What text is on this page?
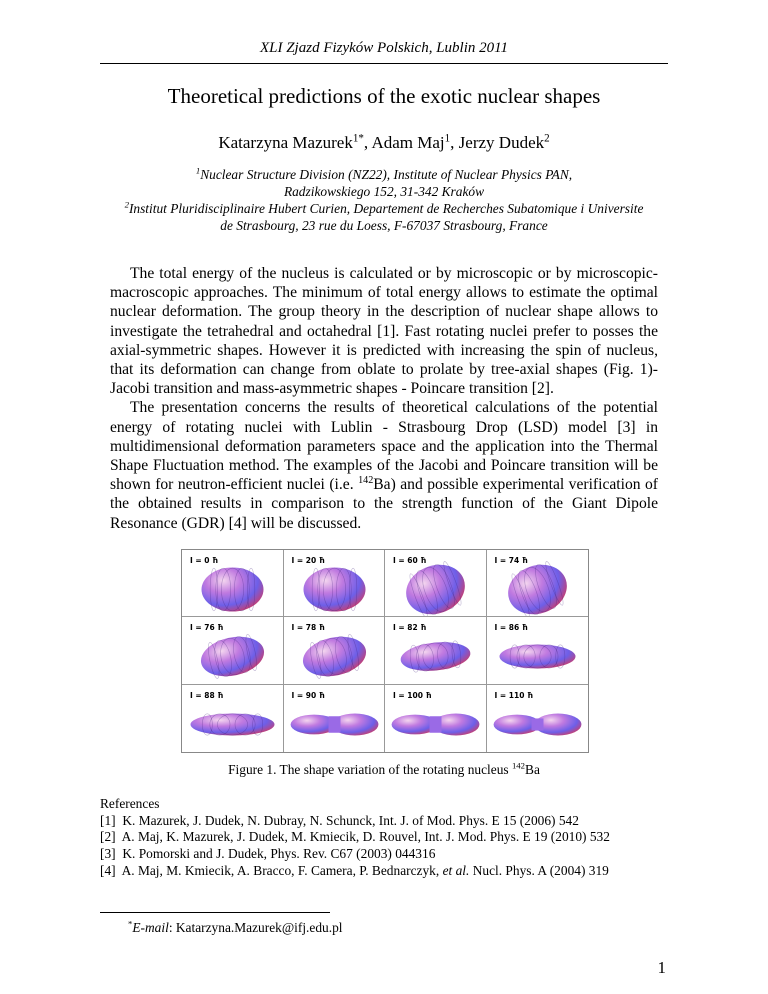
XLI Zjazd Fizyków Polskich, Lublin 2011
Theoretical predictions of the exotic nuclear shapes
Katarzyna Mazurek$^{1*}$, Adam Maj$^1$, Jerzy Dudek$^2$
$^1$Nuclear Structure Division (NZ22), Institute of Nuclear Physics PAN,
Radzikowskiego 152, 31-342 Kraków
$^2$Institut Pluridisciplinaire Hubert Curien, Departement de Recherches Subatomique i Universite
de Strasbourg, 23 rue du Loess, F-67037 Strasbourg, France

The total energy of the nucleus is calculated or by microscopic or by microscopic- macroscopic approaches. The minimum of total energy allows to estimate the optimal nuclear deformation. The group theory in the description of nuclear shape allows to investigate the tetrahedral and octahedral [1]. Fast rotating nuclei prefer to posses the axial-symmetric shapes. However it is predicted with increasing the spin of nucleus, that its deformation can change from oblate to prolate by tree-axial shapes (Fig. 1)- Jacobi transition and mass-asymmetric shapes - Poincare transition [2].

The presentation concerns the results of theoretical calculations of the potential energy of rotating nuclei with Lublin - Strasbourg Drop (LSD) model [3] in multidimensional deformation parameters space and the application into the Thermal Shape Fluctuation method. The examples of the Jacobi and Poincare transition will be shown for neutron-efficient nuclei (i.e. $^{142}$Ba) and possible experimental verification of the obtained results in comparison to the strength function of the Giant Dipole Resonance (GDR) [4] will be discussed.

I = 0 ħ	I = 20 ħ	I = 60 ħ	I = 74 ħ
I = 76 ħ	I = 78 ħ	I = 82 ħ	I = 86 ħ
I = 88 ħ	I = 90 ħ	I = 100 ħ	I = 110 ħ
Figure 1. The shape variation of the rotating nucleus $^{142}$Ba
References
[1] K. Mazurek, J. Dudek, N. Dubray, N. Schunck, Int. J. of Mod. Phys. E 15 (2006) 542
[2] A. Maj, K. Mazurek, J. Dudek, M. Kmiecik, D. Rouvel, Int. J. Mod. Phys. E 19 (2010) 532
[3] K. Pomorski and J. Dudek, Phys. Rev. C67 (2003) 044316
[4] A. Maj, M. Kmiecik, A. Bracco, F. Camera, P. Bednarczyk, et al. Nucl. Phys. A (2004) 319
*E-mail: Katarzyna.Mazurek@ifj.edu.pl
1
